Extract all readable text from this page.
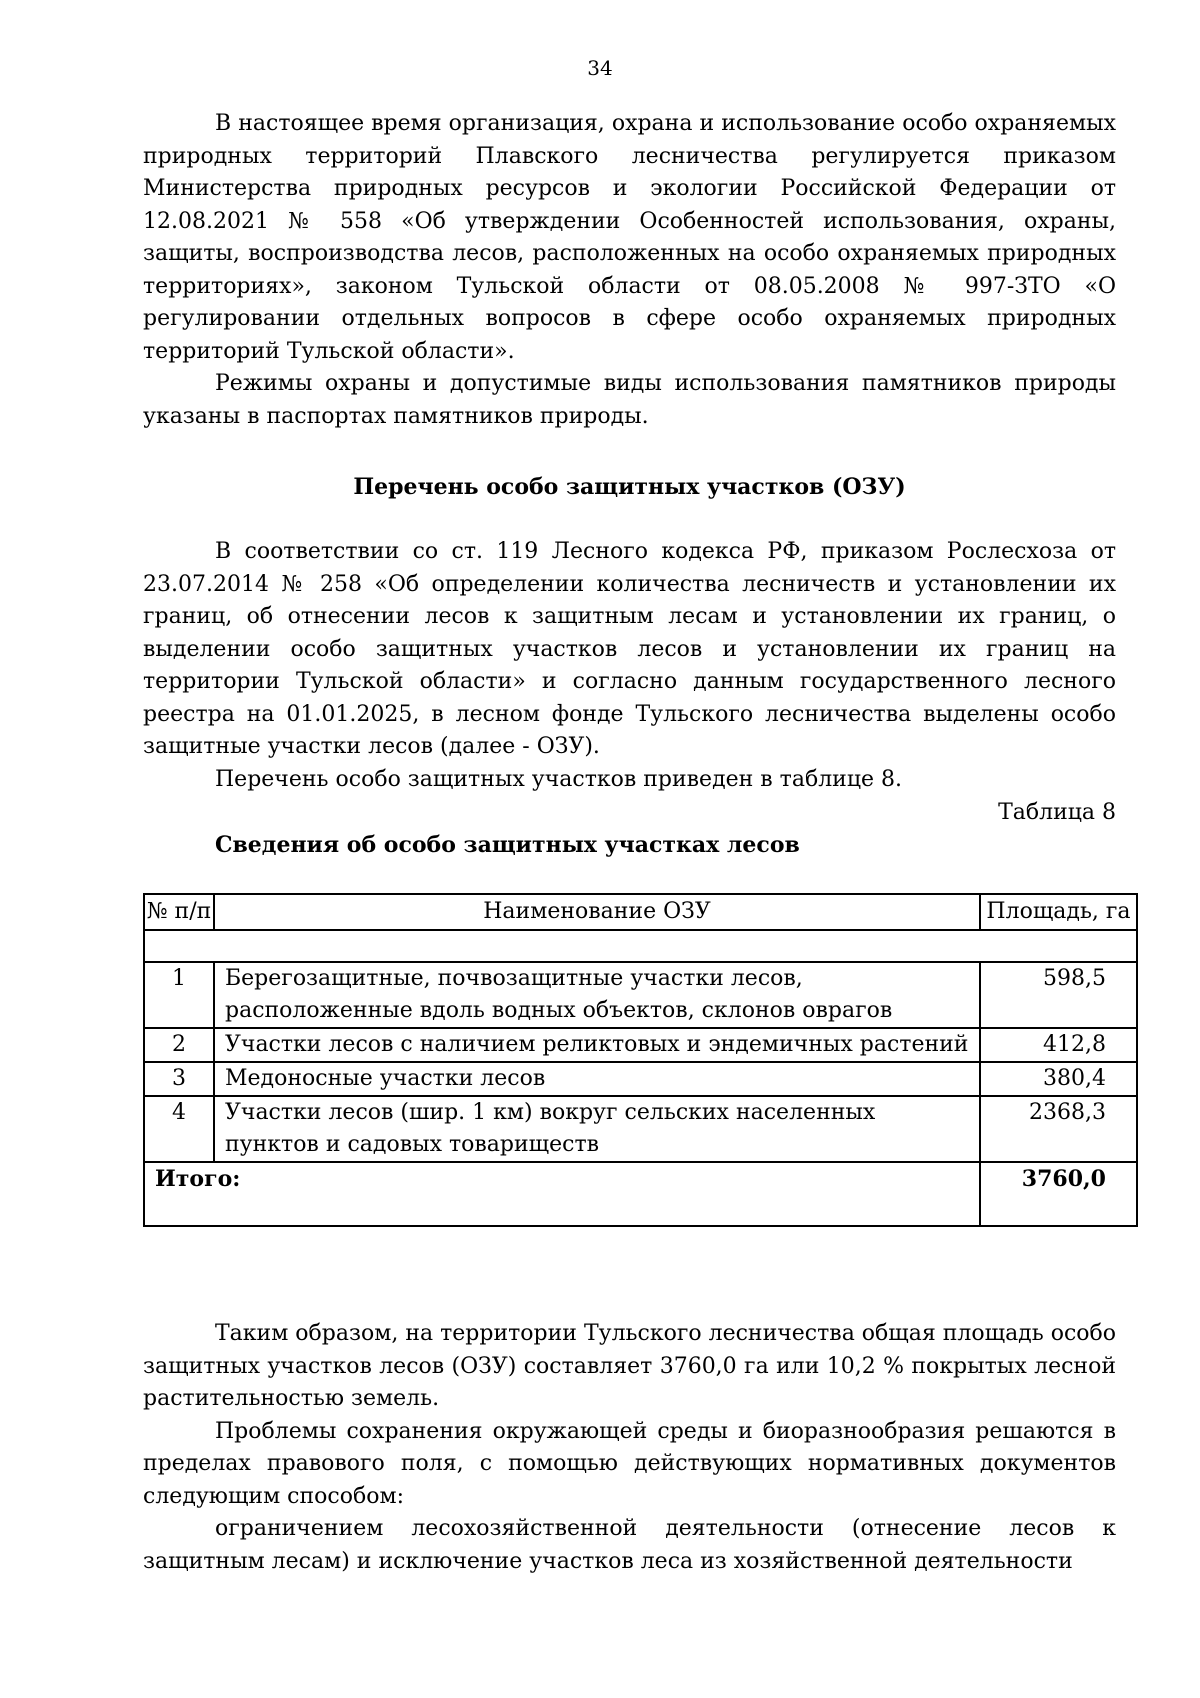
34

В настоящее время организация, охрана и использование особо охраняемых природных территорий Плавского лесничества регулируется приказом Министерства природных ресурсов и экологии Российской Федерации от 12.08.2021 № 558 «Об утверждении Особенностей использования, охраны, защиты, воспроизводства лесов, расположенных на особо охраняемых природных территориях», законом Тульской области от 08.05.2008 № 997-ЗТО «О регулировании отдельных вопросов в сфере особо охраняемых природных территорий Тульской области».

Режимы охраны и допустимые виды использования памятников природы указаны в паспортах памятников природы.

Перечень особо защитных участков (ОЗУ)

В соответствии со ст. 119 Лесного кодекса РФ, приказом Рослесхоза от 23.07.2014 № 258 «Об определении количества лесничеств и установлении их границ, об отнесении лесов к защитным лесам и установлении их границ, о выделении особо защитных участков лесов и установлении их границ на территории Тульской области» и согласно данным государственного лесного реестра на 01.01.2025, в лесном фонде Тульского лесничества выделены особо защитные участки лесов (далее - ОЗУ).

Перечень особо защитных участков приведен в таблице 8.

Таблица 8
Сведения об особо защитных участках лесов
№ п/п	Наименование ОЗУ	Площадь, га

1	Берегозащитные, почвозащитные участки лесов, расположенные вдоль водных объектов, склонов оврагов	598,5
2	Участки лесов с наличием реликтовых и эндемичных растений	412,8
3	Медоносные участки лесов	380,4
4	Участки лесов (шир. 1 км) вокруг сельских населенных пунктов и садовых товариществ	2368,3
Итого:		3760,0

Таким образом, на территории Тульского лесничества общая площадь особо защитных участков лесов (ОЗУ) составляет 3760,0 га или 10,2 % покрытых лесной растительностью земель.

Проблемы сохранения окружающей среды и биоразнообразия решаются в пределах правового поля, с помощью действующих нормативных документов следующим способом:

ограничением лесохозяйственной деятельности (отнесение лесов к защитным лесам) и исключение участков леса из хозяйственной деятельности
